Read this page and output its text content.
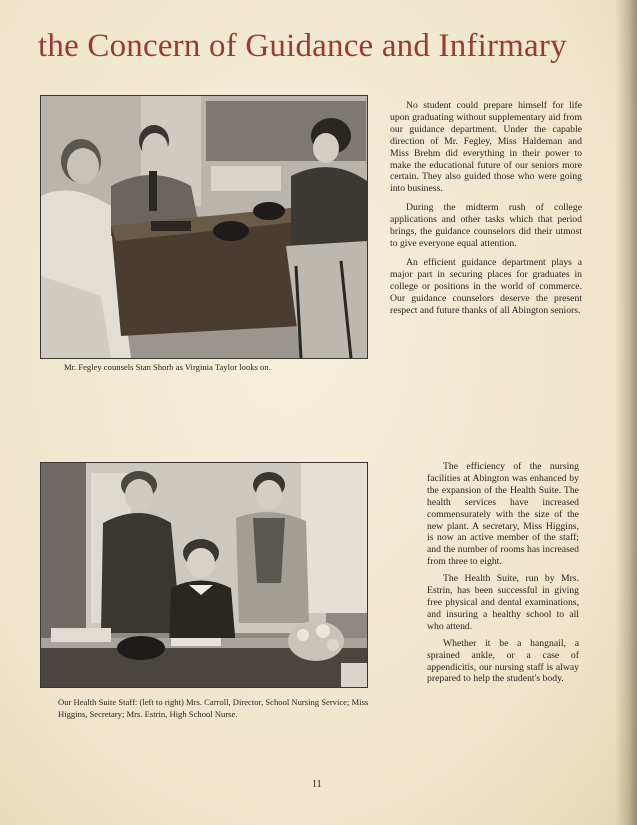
the Concern of Guidance and Infirmary
Mr. Fegley counsels Stan Shorb as Virginia Taylor looks on.

No student could prepare himself for life upon graduating without supplementary aid from our guidance department. Under the capable direction of Mr. Fegley, Miss Haldeman and Miss Brehm did everything in their power to make the educational future of our seniors more certain. They also guided those who were going into business.

During the midterm rush of college applications and other tasks which that period brings, the guidance counselors did their utmost to give everyone equal attention.

An efficient guidance department plays a major part in securing places for graduates in college or positions in the world of commerce. Our guidance counselors deserve the present respect and future thanks of all Abington seniors.

Our Health Suite Staff: (left to right) Mrs. Carroll, Director, School Nursing Service; Miss Higgins, Secretary; Mrs. Estrin, High School Nurse.

The efficiency of the nursing facilities at Abington was enhanced by the expansion of the Health Suite. The health services have increased commensurately with the size of the new plant. A secretary, Miss Higgins, is now an active member of the staff; and the number of rooms has increased from three to eight.

The Health Suite, run by Mrs. Estrin, has been successful in giving free physical and dental examinations, and insuring a healthy school to all who attend.

Whether it be a hangnail, a sprained ankle, or a case of appendicitis, our nursing staff is alway prepared to help the student's body.

11
